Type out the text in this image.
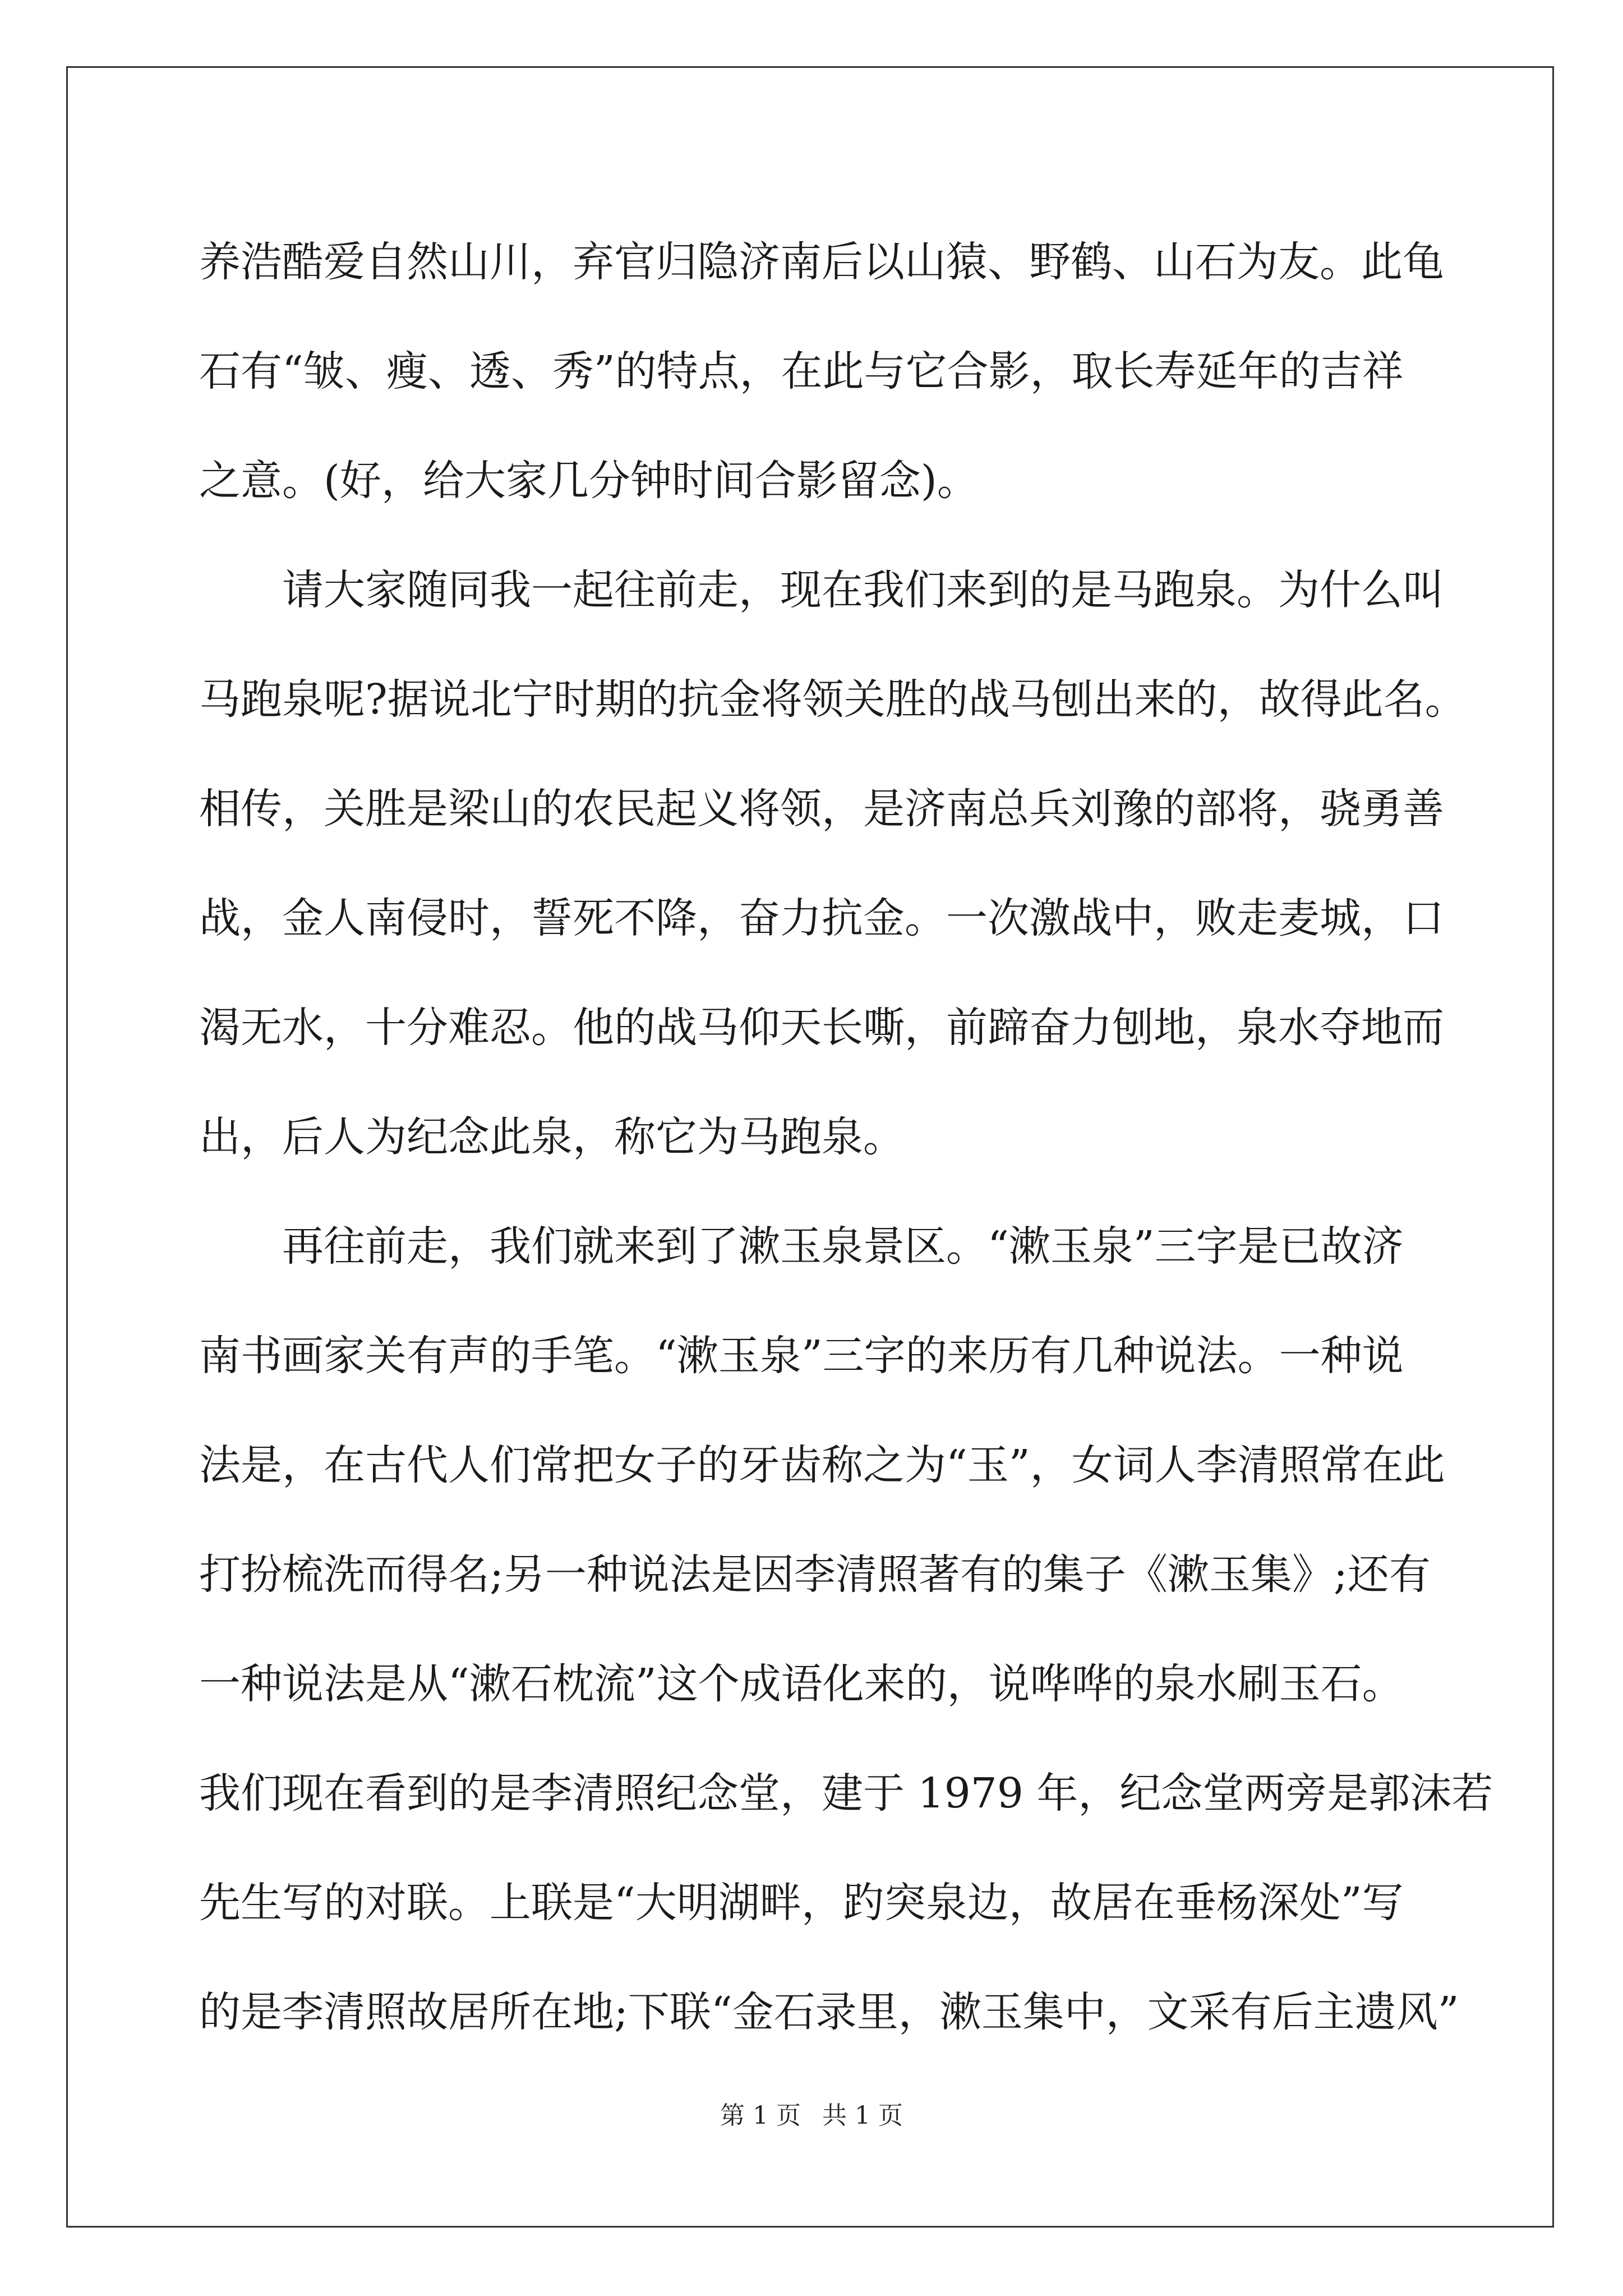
养浩酷爱自然山川，弃官归隐济南后以山猿、野鹤、山石为友。此龟
石有“皱、瘦、透、秀”的特点，在此与它合影，取长寿延年的吉祥
之意。(好，给大家几分钟时间合影留念)。
　　请大家随同我一起往前走，现在我们来到的是马跑泉。为什么叫
马跑泉呢?据说北宁时期的抗金将领关胜的战马刨出来的，故得此名。
相传，关胜是梁山的农民起义将领，是济南总兵刘豫的部将，骁勇善
战，金人南侵时，誓死不降，奋力抗金。一次激战中，败走麦城，口
渴无水，十分难忍。他的战马仰天长嘶，前蹄奋力刨地，泉水夺地而
出，后人为纪念此泉，称它为马跑泉。
　　再往前走，我们就来到了漱玉泉景区。“漱玉泉”三字是已故济
南书画家关有声的手笔。“漱玉泉”三字的来历有几种说法。一种说
法是，在古代人们常把女子的牙齿称之为“玉”，女词人李清照常在此
打扮梳洗而得名;另一种说法是因李清照著有的集子《漱玉集》;还有
一种说法是从“漱石枕流”这个成语化来的，说哗哗的泉水刷玉石。
我们现在看到的是李清照纪念堂，建于 1979 年，纪念堂两旁是郭沫若
先生写的对联。上联是“大明湖畔，趵突泉边，故居在垂杨深处”写
的是李清照故居所在地;下联“金石录里，漱玉集中，文采有后主遗风”
第 1 页 共 1 页
